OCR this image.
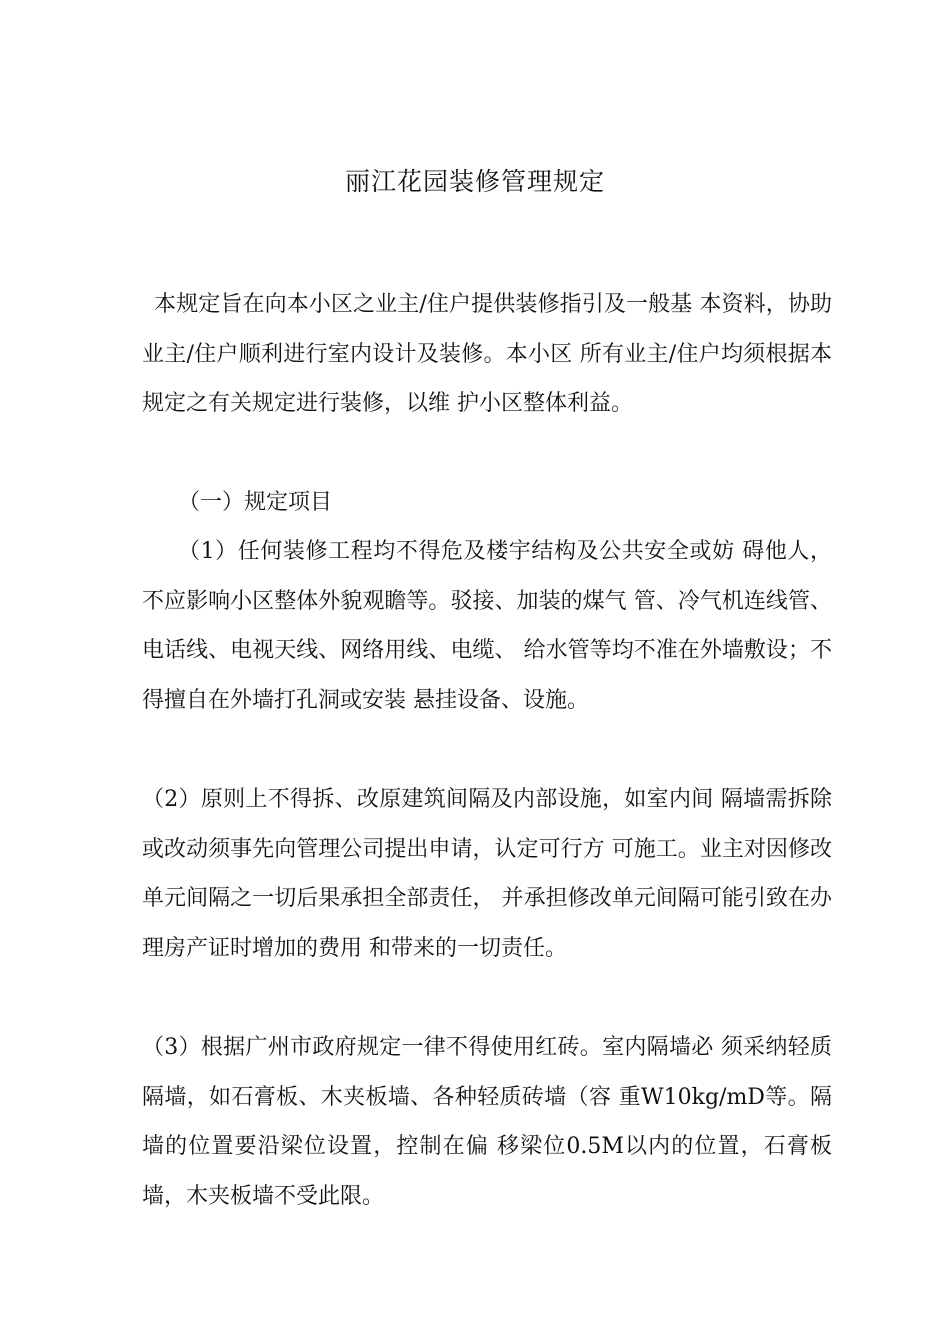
丽江花园装修管理规定

本规定旨在向本小区之业主/住户提供装修指引及一般基 本资料，协助业主/住户顺利进行室内设计及装修。本小区 所有业主/住户均须根据本规定之有关规定进行装修，以维 护小区整体利益。

（一）规定项目

（1）任何装修工程均不得危及楼宇结构及公共安全或妨 碍他人，不应影响小区整体外貌观瞻等。驳接、加装的煤气 管、冷气机连线管、电话线、电视天线、网络用线、电缆、 给水管等均不准在外墙敷设；不得擅自在外墙打孔洞或安装 悬挂设备、设施。

（2）原则上不得拆、改原建筑间隔及内部设施，如室内间 隔墙需拆除或改动须事先向管理公司提出申请，认定可行方 可施工。业主对因修改单元间隔之一切后果承担全部责任， 并承担修改单元间隔可能引致在办理房产证时增加的费用 和带来的一切责任。

（3）根据广州市政府规定一律不得使用红砖。室内隔墙必 须采纳轻质隔墙，如石膏板、木夹板墙、各种轻质砖墙（容 重W10kg/mD等。隔墙的位置要沿梁位设置，控制在偏 移梁位0.5M以内的位置，石膏板墙，木夹板墙不受此限。
